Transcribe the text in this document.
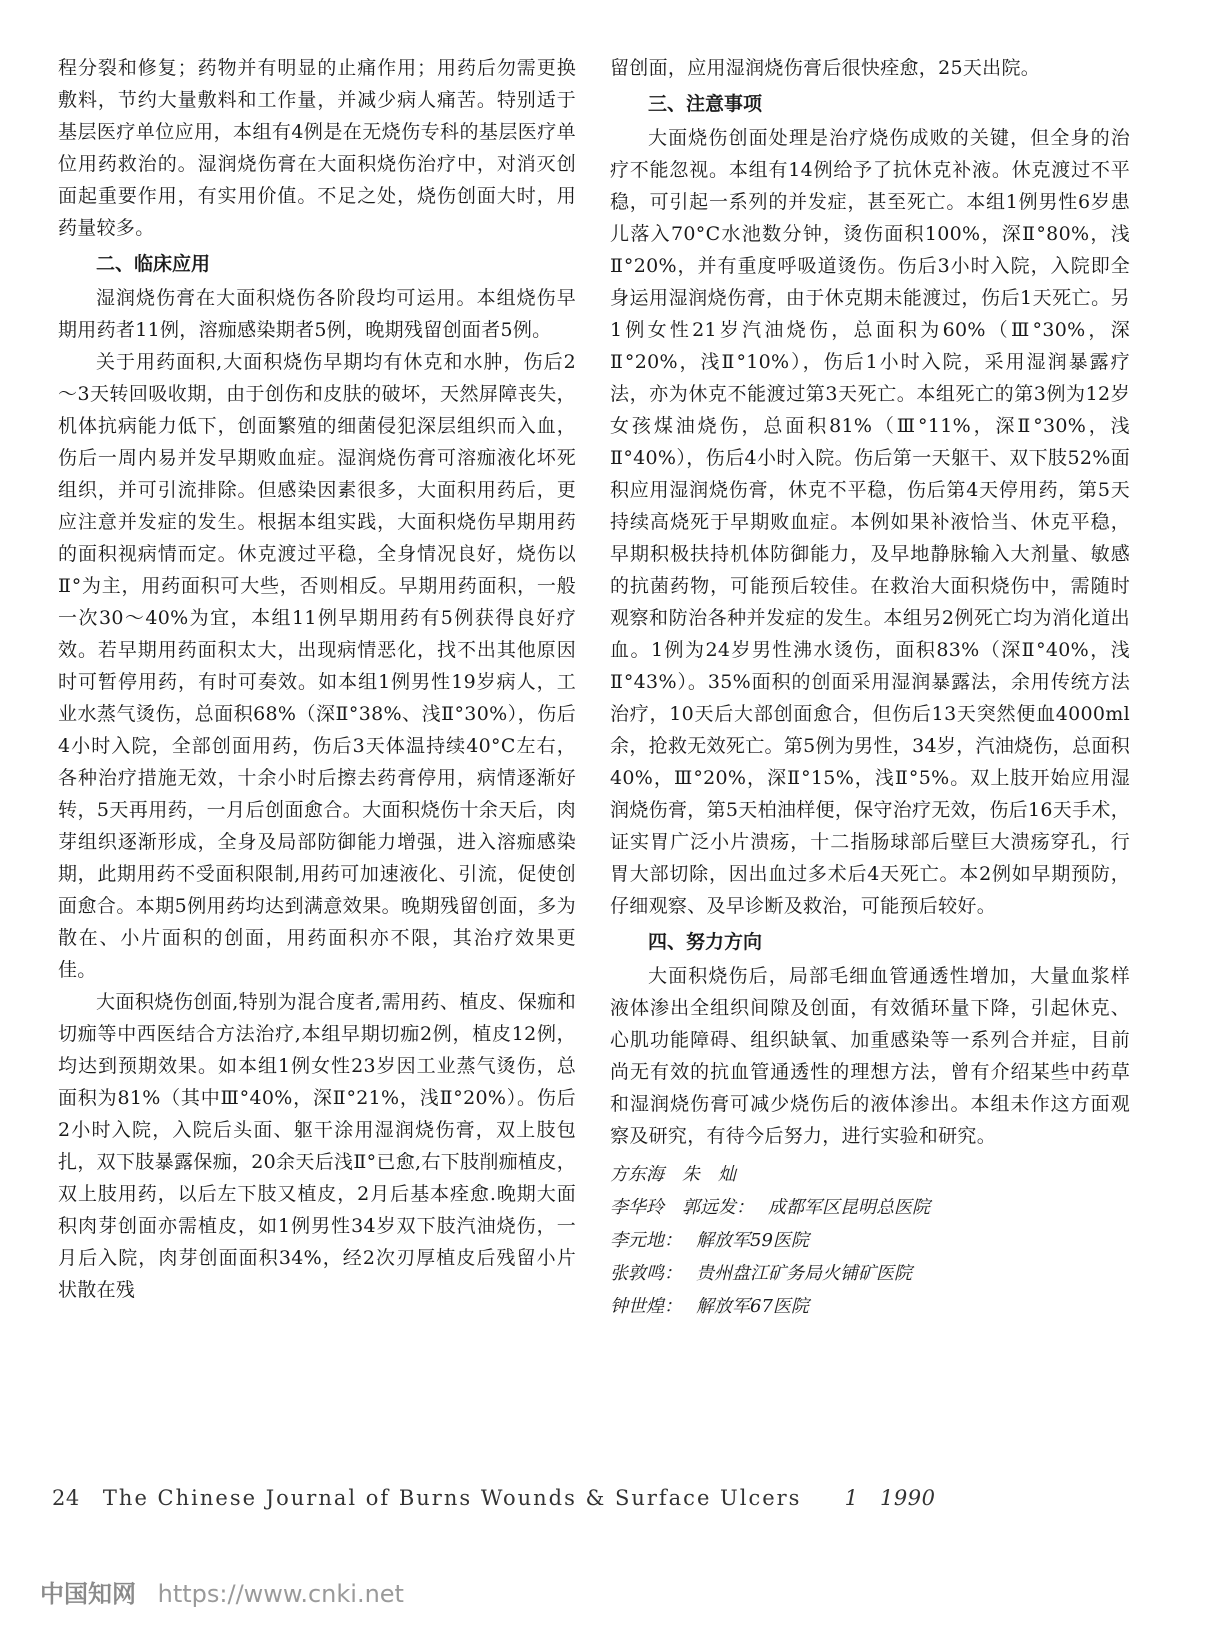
程分裂和修复；药物并有明显的止痛作用；用药后勿需更换敷料，节约大量敷料和工作量，并减少病人痛苦。特别适于基层医疗单位应用，本组有4例是在无烧伤专科的基层医疗单位用药救治的。湿润烧伤膏在大面积烧伤治疗中，对消灭创面起重要作用，有实用价值。不足之处，烧伤创面大时，用药量较多。

二、临床应用

湿润烧伤膏在大面积烧伤各阶段均可运用。本组烧伤早期用药者11例，溶痂感染期者5例，晚期残留创面者5例。

关于用药面积,大面积烧伤早期均有休克和水肿，伤后2～3天转回吸收期，由于创伤和皮肤的破坏，天然屏障丧失，机体抗病能力低下，创面繁殖的细菌侵犯深层组织而入血，伤后一周内易并发早期败血症。湿润烧伤膏可溶痂液化坏死组织，并可引流排除。但感染因素很多，大面积用药后，更应注意并发症的发生。根据本组实践，大面积烧伤早期用药的面积视病情而定。休克渡过平稳，全身情况良好，烧伤以Ⅱ°为主，用药面积可大些，否则相反。早期用药面积，一般一次30～40%为宜，本组11例早期用药有5例获得良好疗效。若早期用药面积太大，出现病情恶化，找不出其他原因时可暂停用药，有时可奏效。如本组1例男性19岁病人，工业水蒸气烫伤，总面积68%（深Ⅱ°38%、浅Ⅱ°30%），伤后4小时入院，全部创面用药，伤后3天体温持续40°C左右，各种治疗措施无效，十余小时后擦去药膏停用，病情逐渐好转，5天再用药，一月后创面愈合。大面积烧伤十余天后，肉芽组织逐渐形成，全身及局部防御能力增强，进入溶痂感染期，此期用药不受面积限制,用药可加速液化、引流，促使创面愈合。本期5例用药均达到满意效果。晚期残留创面，多为散在、小片面积的创面，用药面积亦不限，其治疗效果更佳。

大面积烧伤创面,特别为混合度者,需用药、植皮、保痂和切痂等中西医结合方法治疗,本组早期切痂2例，植皮12例，均达到预期效果。如本组1例女性23岁因工业蒸气烫伤，总面积为81%（其中Ⅲ°40%，深Ⅱ°21%，浅Ⅱ°20%）。伤后2小时入院，入院后头面、躯干涂用湿润烧伤膏，双上肢包扎，双下肢暴露保痂，20余天后浅Ⅱ°已愈,右下肢削痂植皮，双上肢用药，以后左下肢又植皮，2月后基本痊愈.晚期大面积肉芽创面亦需植皮，如1例男性34岁双下肢汽油烧伤，一月后入院，肉芽创面面积34%，经2次刃厚植皮后残留小片状散在残

留创面，应用湿润烧伤膏后很快痊愈，25天出院。

三、注意事项

大面烧伤创面处理是治疗烧伤成败的关键，但全身的治疗不能忽视。本组有14例给予了抗休克补液。休克渡过不平稳，可引起一系列的并发症，甚至死亡。本组1例男性6岁患儿落入70°C水池数分钟，烫伤面积100%，深Ⅱ°80%，浅Ⅱ°20%，并有重度呼吸道烫伤。伤后3小时入院，入院即全身运用湿润烧伤膏，由于休克期未能渡过，伤后1天死亡。另1例女性21岁汽油烧伤，总面积为60%（Ⅲ°30%，深Ⅱ°20%，浅Ⅱ°10%），伤后1小时入院，采用湿润暴露疗法，亦为休克不能渡过第3天死亡。本组死亡的第3例为12岁女孩煤油烧伤，总面积81%（Ⅲ°11%，深Ⅱ°30%，浅Ⅱ°40%），伤后4小时入院。伤后第一天躯干、双下肢52%面积应用湿润烧伤膏，休克不平稳，伤后第4天停用药，第5天持续高烧死于早期败血症。本例如果补液恰当、休克平稳，早期积极扶持机体防御能力，及早地静脉输入大剂量、敏感的抗菌药物，可能预后较佳。在救治大面积烧伤中，需随时观察和防治各种并发症的发生。本组另2例死亡均为消化道出血。1例为24岁男性沸水烫伤，面积83%（深Ⅱ°40%，浅Ⅱ°43%）。35%面积的创面采用湿润暴露法，余用传统方法治疗，10天后大部创面愈合，但伤后13天突然便血4000ml余，抢救无效死亡。第5例为男性，34岁，汽油烧伤，总面积40%，Ⅲ°20%，深Ⅱ°15%，浅Ⅱ°5%。双上肢开始应用湿润烧伤膏，第5天柏油样便，保守治疗无效，伤后16天手术，证实胃广泛小片溃疡，十二指肠球部后壁巨大溃疡穿孔，行胃大部切除，因出血过多术后4天死亡。本2例如早期预防，仔细观察、及早诊断及救治，可能预后较好。

四、努力方向

大面积烧伤后，局部毛细血管通透性增加，大量血浆样液体渗出全组织间隙及创面，有效循环量下降，引起休克、心肌功能障碍、组织缺氧、加重感染等一系列合并症，目前尚无有效的抗血管通透性的理想方法，曾有介绍某些中药草和湿润烧伤膏可减少烧伤后的液体渗出。本组未作这方面观察及研究，有待今后努力，进行实验和研究。

方东海　朱　灿
李华玲　郭远发： 成都军区昆明总医院
李元地： 解放军59医院
张敦鸣： 贵州盘江矿务局火铺矿医院
钟世煌： 解放军67医院
24 The Chinese Journal of Burns Wounds & Surface Ulcers 1　1990
中国知网 https://www.cnki.net
